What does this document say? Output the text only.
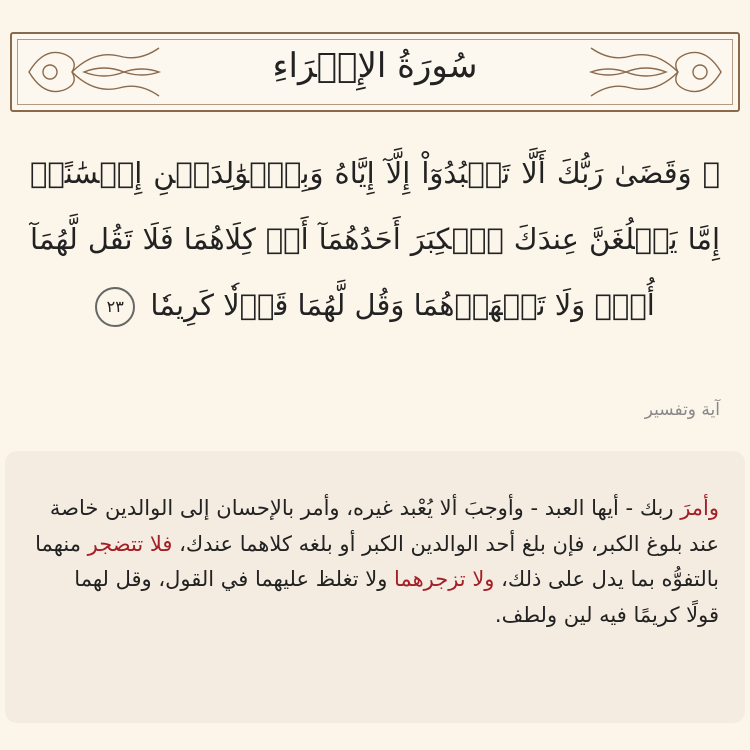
سُورَةُ الإِسۡرَاءِ
۞ وَقَضَىٰ رَبُّكَ أَلَّا تَعۡبُدُوٓاْ إِلَّآ إِيَّاهُ وَبِٱلۡوَٰلِدَيۡنِ إِحۡسَٰنًاۚ إِمَّا يَبۡلُغَنَّ عِندَكَ ٱلۡكِبَرَ أَحَدُهُمَآ أَوۡ كِلَاهُمَا فَلَا تَقُل لَّهُمَآ أُفّٖ وَلَا تَنۡهَرۡهُمَا وَقُل لَّهُمَا قَوۡلٗا كَرِيمٗا ٢٣
آية وتفسير
وأمرَ ربك - أيها العبد - وأوجبَ ألا يُعْبد غيره، وأمر بالإحسان إلى الوالدين خاصة عند بلوغ الكبر، فإن بلغ أحد الوالدين الكبر أو بلغه كلاهما عندك، فلا تتضجر منهما بالتفوُّه بما يدل على ذلك، ولا تزجرهما ولا تغلظ عليهما في القول، وقل لهما قولًا كريمًا فيه لين ولطف.
